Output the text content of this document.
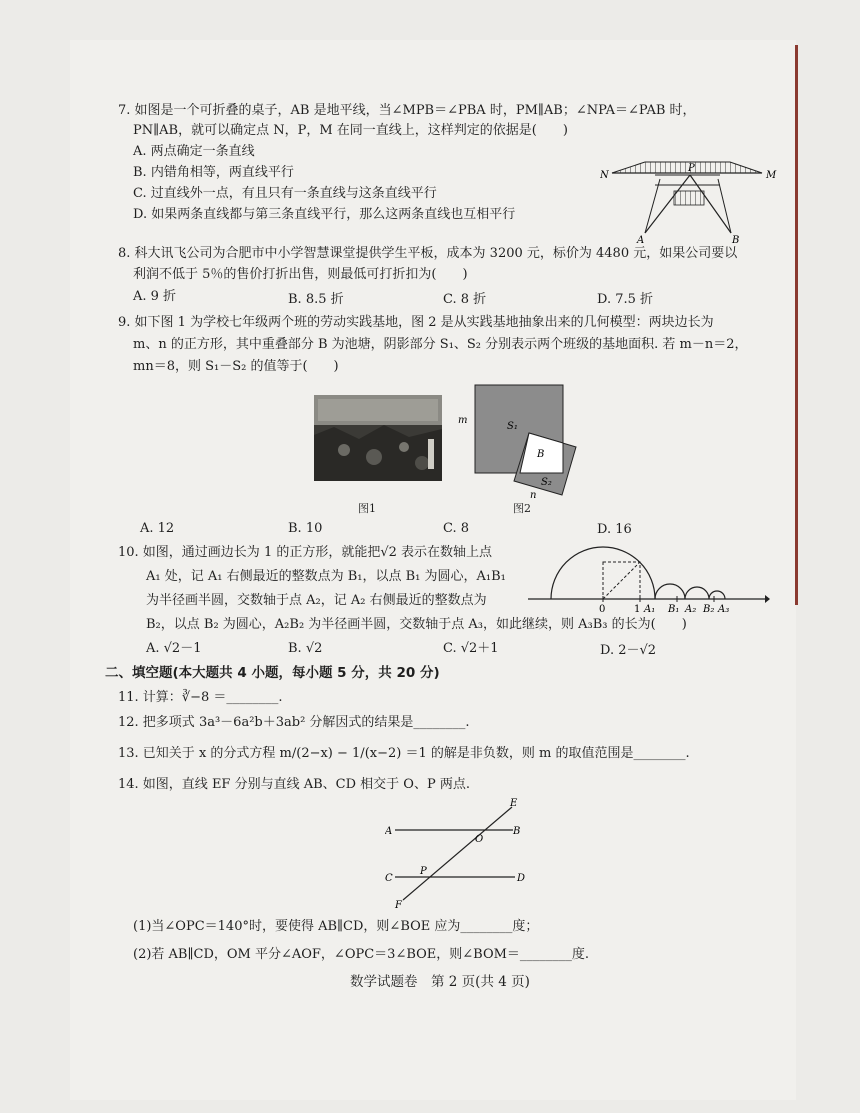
7. 如图是一个可折叠的桌子，AB 是地平线，当∠MPB＝∠PBA 时，PM∥AB；∠NPA＝∠PAB 时，
PN∥AB，就可以确定点 N，P，M 在同一直线上，这样判定的依据是(　　)
A. 两点确定一条直线
B. 内错角相等，两直线平行
C. 过直线外一点，有且只有一条直线与这条直线平行
D. 如果两条直线都与第三条直线平行，那么这两条直线也互相平行
N
P
M
A	B
8. 科大讯飞公司为合肥市中小学智慧课堂提供学生平板，成本为 3200 元，标价为 4480 元，如果公司要以
利润不低于 5％的售价打折出售，则最低可打折扣为(　　)
A. 9 折	B. 8.5 折	C. 8 折	D. 7.5 折
9. 如下图 1 为学校七年级两个班的劳动实践基地，图 2 是从实践基地抽象出来的几何模型：两块边长为
m、n 的正方形，其中重叠部分 B 为池塘，阴影部分 S₁、S₂ 分别表示两个班级的基地面积. 若 m－n＝2，
mn＝8，则 S₁－S₂ 的值等于(　　)
图1
m
S₁
B
S₂
n
图2
A. 12	B. 10	C. 8	D. 16
10. 如图，通过画边长为 1 的正方形，就能把√2 表示在数轴上点
A₁ 处，记 A₁ 右侧最近的整数点为 B₁，以点 B₁ 为圆心，A₁B₁
为半径画半圆，交数轴于点 A₂，记 A₂ 右侧最近的整数点为
B₂，以点 B₂ 为圆心，A₂B₂ 为半径画半圆，交数轴于点 A₃，如此继续，则 A₃B₃ 的长为(　　)
0	1 A₁ B₁ A₂ B₂ A₃
A. √2－1	B. √2	C. √2＋1	D. 2－√2
二、填空题(本大题共 4 小题，每小题 5 分，共 20 分)
11. 计算：∛−8 ＝________.
12. 把多项式 3a³－6a²b＋3ab² 分解因式的结果是________.
13. 已知关于 x 的分式方程 m/(2−x) − 1/(x−2) ＝1 的解是非负数，则 m 的取值范围是________.
14. 如图，直线 EF 分别与直线 AB、CD 相交于 O、P 两点.
A	B
O
E
C
P
D
F
(1)当∠OPC＝140°时，要使得 AB∥CD，则∠BOE 应为________度；
(2)若 AB∥CD，OM 平分∠AOF，∠OPC＝3∠BOE，则∠BOM＝________度.
数学试题卷　第 2 页(共 4 页)
